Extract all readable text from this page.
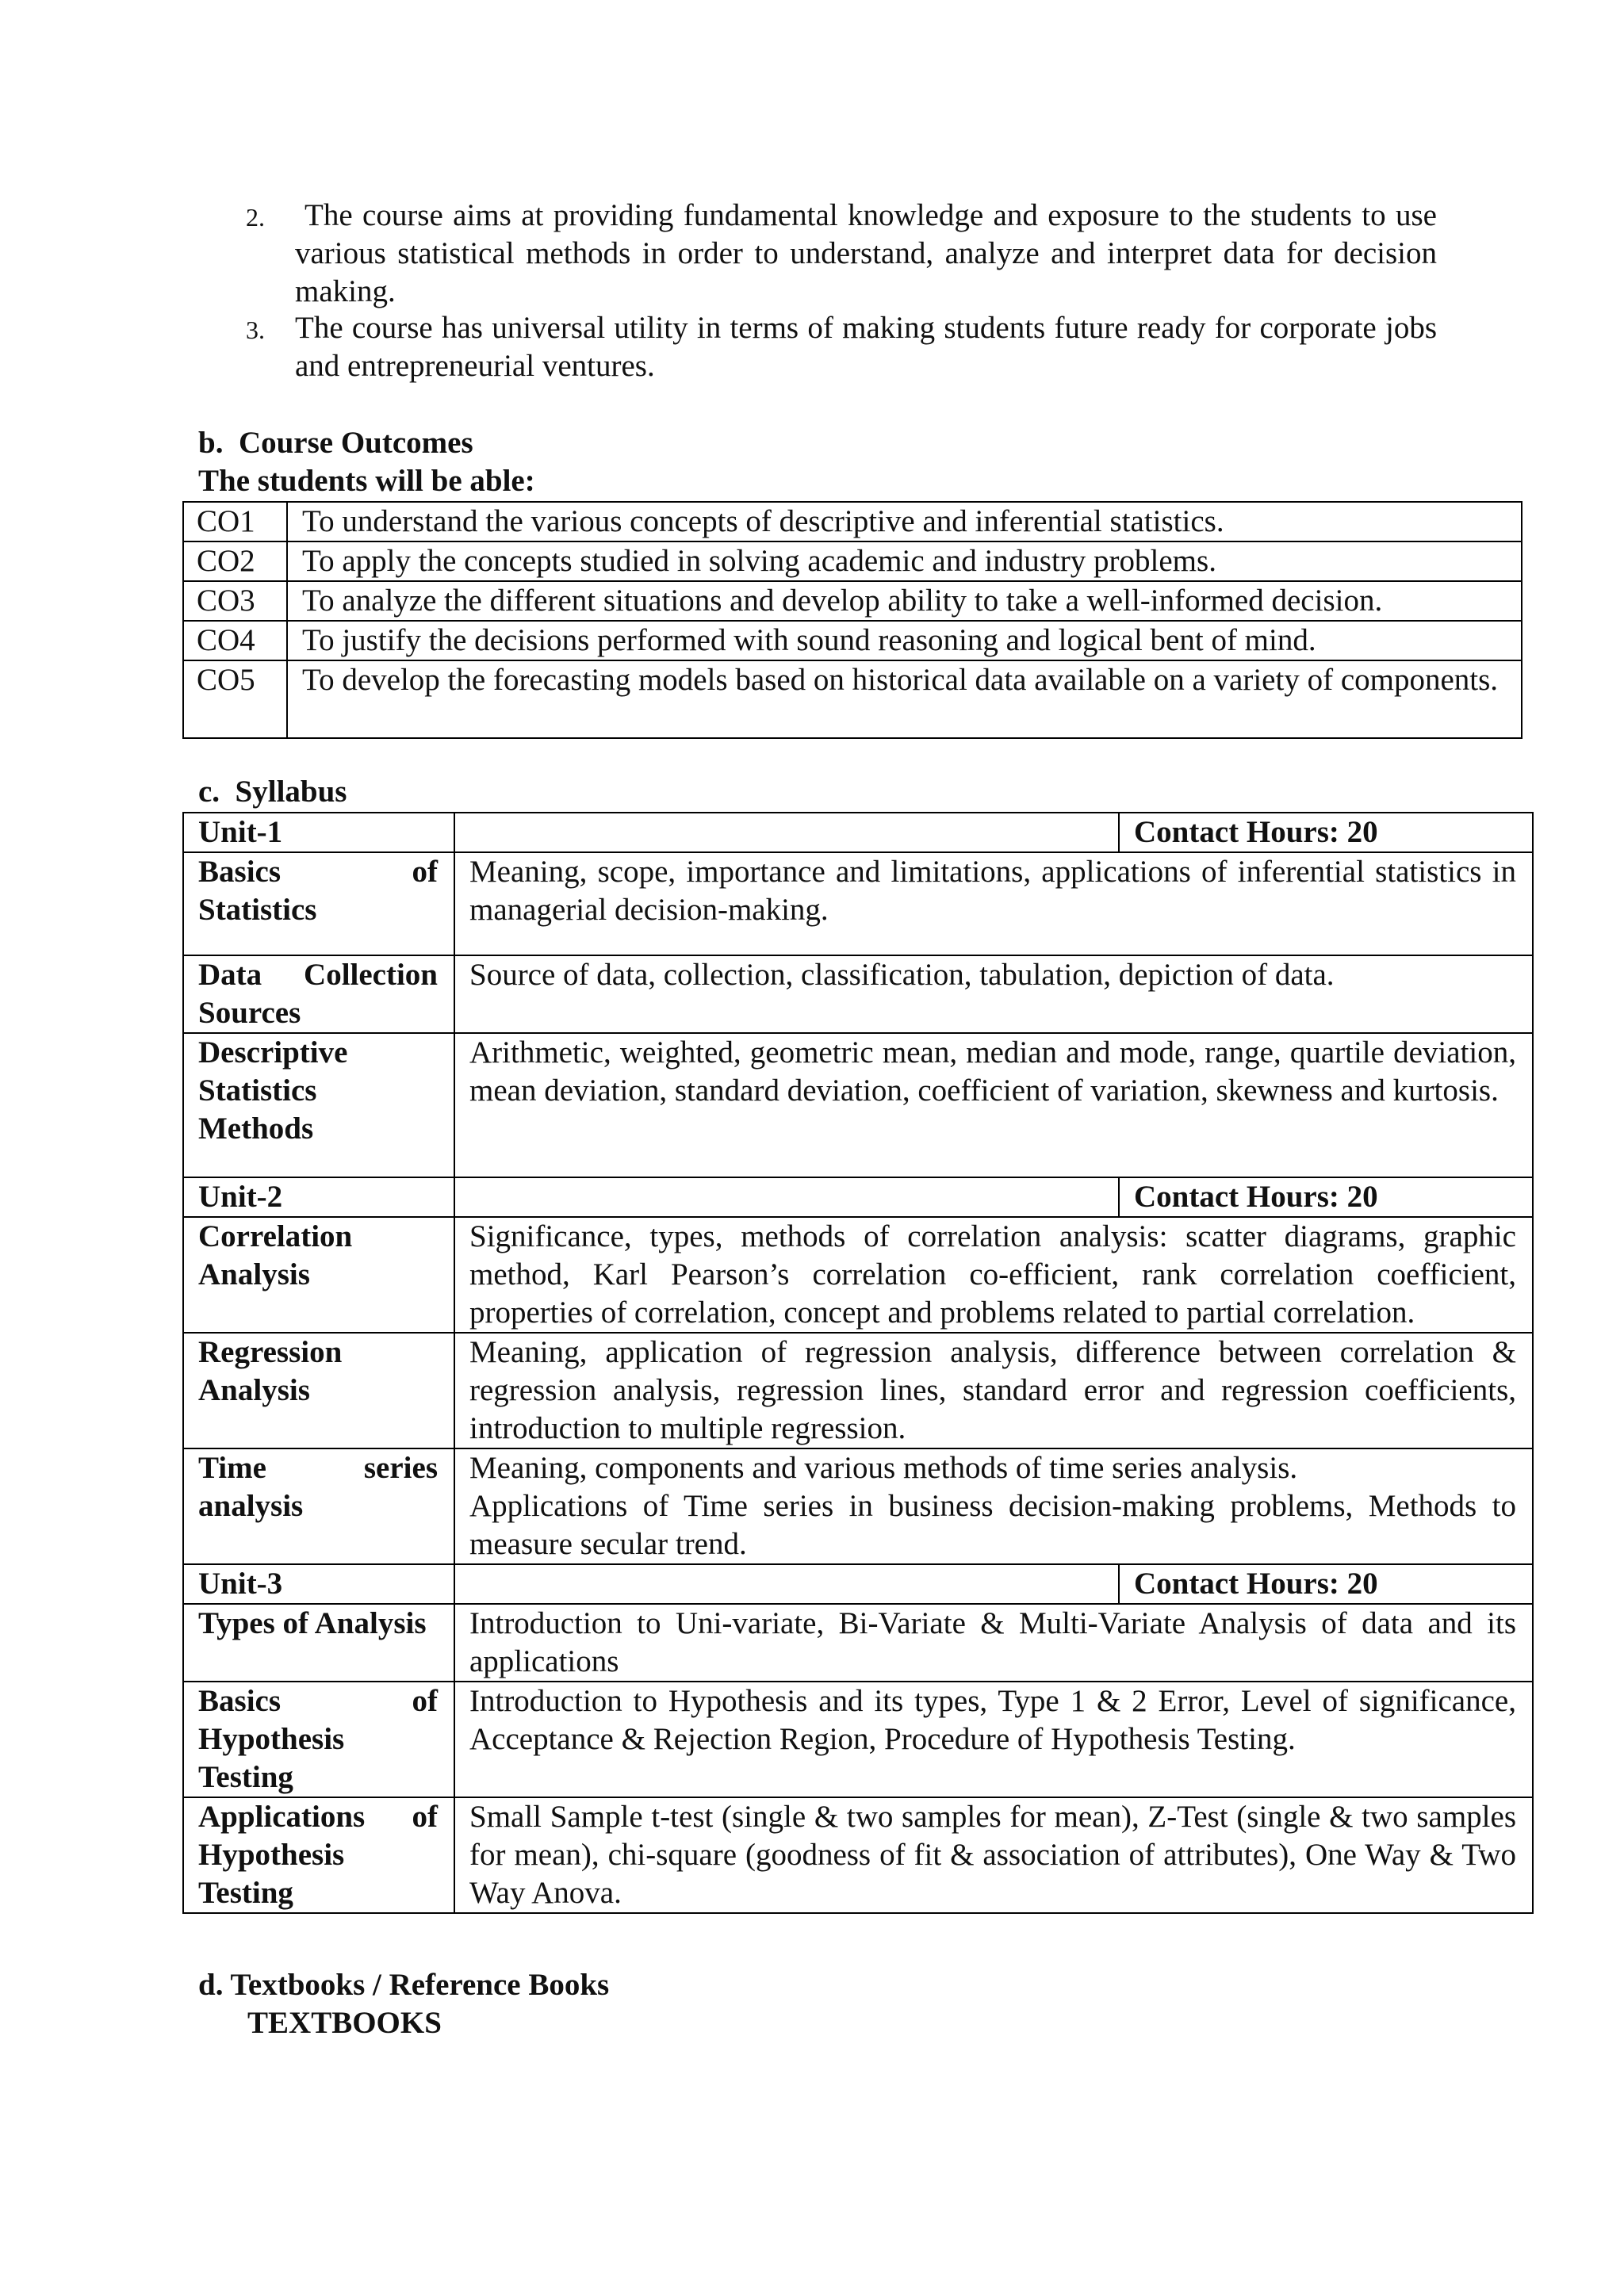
2.	The course aims at providing fundamental knowledge and exposure to the students to use various statistical methods in order to understand, analyze and interpret data for decision making.
3. The course has universal utility in terms of making students future ready for corporate jobs and entrepreneurial ventures.
b.  Course Outcomes
The students will be able:
CO1	To understand the various concepts of descriptive and inferential statistics.
CO2	To apply the concepts studied in solving academic and industry problems.
CO3	To analyze the different situations and develop ability to take a well-informed decision.
CO4	To justify the decisions performed with sound reasoning and logical bent of mind.
CO5	To develop the forecasting models based on historical data available on a variety of components.
c.  Syllabus
Unit-1		Contact Hours: 20
Basics of Statistics	Meaning, scope, importance and limitations, applications of inferential statistics in managerial decision-making.	
Data Collection Sources	Source of data, collection, classification, tabulation, depiction of data.	
Descriptive Statistics Methods	Arithmetic, weighted, geometric mean, median and mode, range, quartile deviation, mean deviation, standard deviation, coefficient of variation, skewness and kurtosis.	
Unit-2		Contact Hours: 20
Correlation Analysis	Significance, types, methods of correlation analysis: scatter diagrams, graphic method, Karl Pearson’s correlation co-efficient, rank correlation coefficient, properties of correlation, concept and problems related to partial correlation.	
Regression Analysis	Meaning, application of regression analysis, difference between correlation & regression analysis, regression lines, standard error and regression coefficients, introduction to multiple regression.	
Time series analysis	Meaning, components and various methods of time series analysis.
Applications of Time series in business decision-making problems, Methods to measure secular trend.	

Unit-3		Contact Hours: 20
Types of Analysis	Introduction to Uni-variate, Bi-Variate & Multi-Variate Analysis of data and its applications	
Basics of Hypothesis Testing	Introduction to Hypothesis and its types, Type 1 & 2 Error, Level of significance, Acceptance & Rejection Region, Procedure of Hypothesis Testing.	
Applications of Hypothesis Testing	Small Sample t-test (single & two samples for mean), Z-Test (single & two samples for mean), chi-square (goodness of fit & association of attributes), One Way & Two Way Anova.	
d. Textbooks / Reference Books
TEXTBOOKS
